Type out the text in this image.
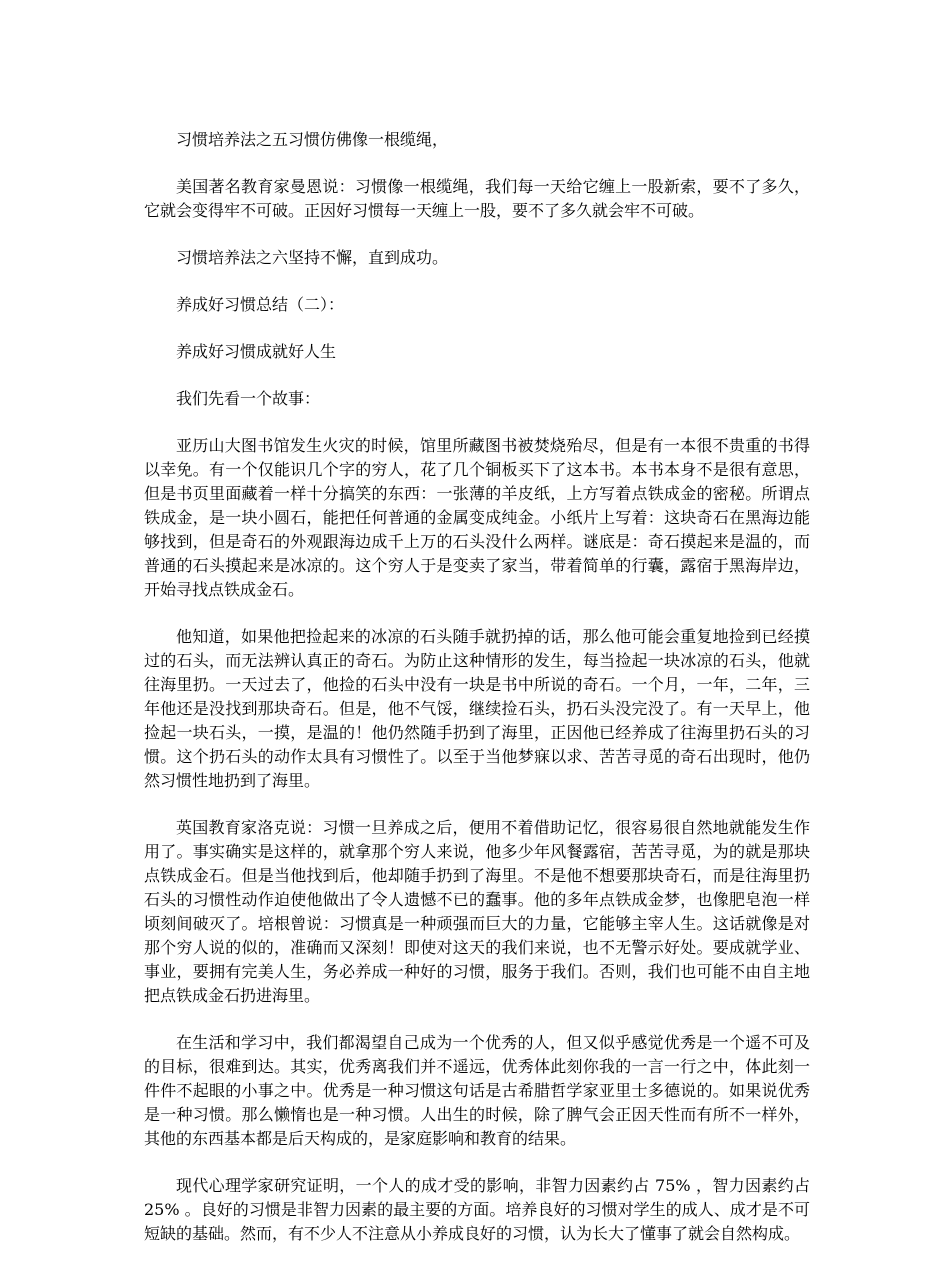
习惯培养法之五习惯仿佛像一根缆绳，

美国著名教育家曼恩说：习惯像一根缆绳，我们每一天给它缠上一股新索，要不了多久，它就会变得牢不可破。正因好习惯每一天缠上一股，要不了多久就会牢不可破。

习惯培养法之六坚持不懈，直到成功。

养成好习惯总结（二）：

养成好习惯成就好人生

我们先看一个故事：

亚历山大图书馆发生火灾的时候，馆里所藏图书被焚烧殆尽，但是有一本很不贵重的书得以幸免。有一个仅能识几个字的穷人，花了几个铜板买下了这本书。本书本身不是很有意思，但是书页里面藏着一样十分搞笑的东西：一张薄的羊皮纸，上方写着点铁成金的密秘。所谓点铁成金，是一块小圆石，能把任何普通的金属变成纯金。小纸片上写着：这块奇石在黑海边能够找到，但是奇石的外观跟海边成千上万的石头没什么两样。谜底是：奇石摸起来是温的，而普通的石头摸起来是冰凉的。这个穷人于是变卖了家当，带着简单的行囊，露宿于黑海岸边，开始寻找点铁成金石。

他知道，如果他把捡起来的冰凉的石头随手就扔掉的话，那么他可能会重复地捡到已经摸过的石头，而无法辨认真正的奇石。为防止这种情形的发生，每当捡起一块冰凉的石头，他就往海里扔。一天过去了，他捡的石头中没有一块是书中所说的奇石。一个月，一年，二年，三年他还是没找到那块奇石。但是，他不气馁，继续捡石头，扔石头没完没了。有一天早上，他捡起一块石头，一摸，是温的！他仍然随手扔到了海里，正因他已经养成了往海里扔石头的习惯。这个扔石头的动作太具有习惯性了。以至于当他梦寐以求、苦苦寻觅的奇石出现时，他仍然习惯性地扔到了海里。

英国教育家洛克说：习惯一旦养成之后，便用不着借助记忆，很容易很自然地就能发生作用了。事实确实是这样的，就拿那个穷人来说，他多少年风餐露宿，苦苦寻觅，为的就是那块点铁成金石。但是当他找到后，他却随手扔到了海里。不是他不想要那块奇石，而是往海里扔石头的习惯性动作迫使他做出了令人遗憾不已的蠢事。他的多年点铁成金梦，也像肥皂泡一样顷刻间破灭了。培根曾说：习惯真是一种顽强而巨大的力量，它能够主宰人生。这话就像是对那个穷人说的似的，准确而又深刻！即使对这天的我们来说，也不无警示好处。要成就学业、事业，要拥有完美人生，务必养成一种好的习惯，服务于我们。否则，我们也可能不由自主地把点铁成金石扔进海里。

在生活和学习中，我们都渴望自己成为一个优秀的人，但又似乎感觉优秀是一个遥不可及的目标，很难到达。其实，优秀离我们并不遥远，优秀体此刻你我的一言一行之中，体此刻一件件不起眼的小事之中。优秀是一种习惯这句话是古希腊哲学家亚里士多德说的。如果说优秀是一种习惯。那么懒惰也是一种习惯。人出生的时候，除了脾气会正因天性而有所不一样外，其他的东西基本都是后天构成的，是家庭影响和教育的结果。

现代心理学家研究证明，一个人的成才受的影响，非智力因素约占 75% ，智力因素约占 25% 。良好的习惯是非智力因素的最主要的方面。培养良好的习惯对学生的成人、成才是不可短缺的基础。然而，有不少人不注意从小养成良好的习惯，认为长大了懂事了就会自然构成。
